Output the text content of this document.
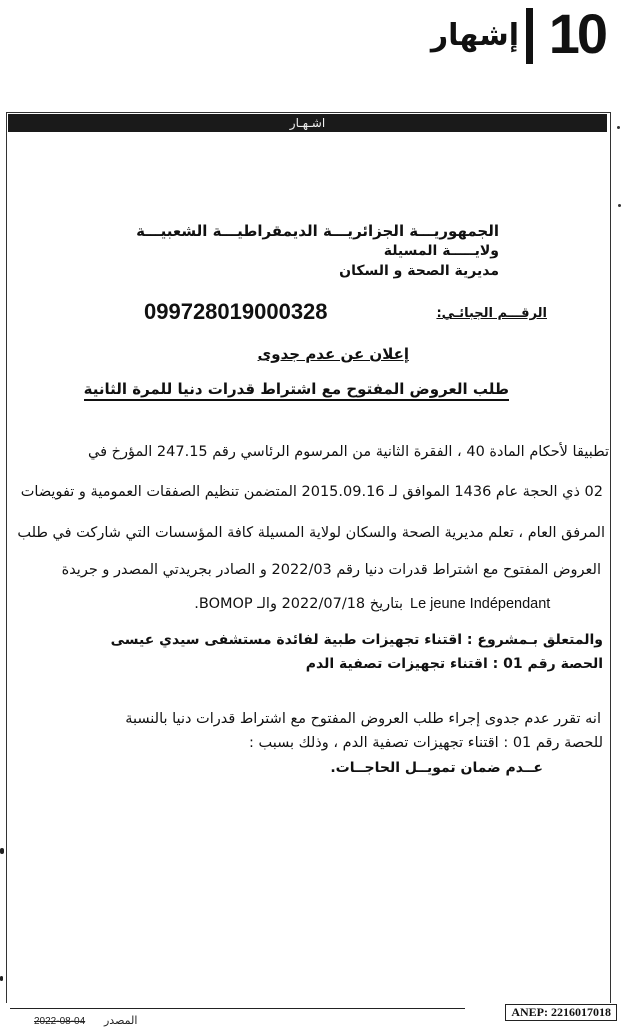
10
إشهار
اشـهـار
الجمهوريـــة الجزائريـــة الديمقراطيـــة الشعبيـــة
ولايـــــة المسيلة
مديرية الصحة و السكان
الرقـــم الجبائـي:
099728019000328
إعلان عن عدم جدوى
طلب العروض المفتوح مع اشتراط قدرات دنيا للمرة الثانية
تطبيقا لأحكام المادة 40 ، الفقرة الثانية من المرسوم الرئاسي رقم 247.15 المؤرخ في
02 ذي الحجة عام 1436 الموافق لـ 2015.09.16 المتضمن تنظيم الصفقات العمومية و تفويضات
المرفق العام ، تعلم مديرية الصحة والسكان لولاية المسيلة كافة المؤسسات التي شاركت في طلب
العروض المفتوح مع اشتراط قدرات دنيا رقم 2022/03 و الصادر بجريدتي المصدر و جريدة
Le jeune Indépendant
بتاريخ 2022/07/18 والـ BOMOP.
والمتعلق بـمشروع : اقتناء تجهيزات طبية لفائدة مستشفى سيدي عيسى
الحصة رقم 01 : اقتناء تجهيزات تصفية الدم
انه تقرر عدم جدوى إجراء طلب العروض المفتوح مع اشتراط قدرات دنيا بالنسبة
للحصة رقم 01 : اقتناء تجهيزات تصفية الدم ، وذلك بسبب :
عــدم ضمان تمويــل الحاجــات.
ANEP: 2216017018
2022-08-04 المصدر
